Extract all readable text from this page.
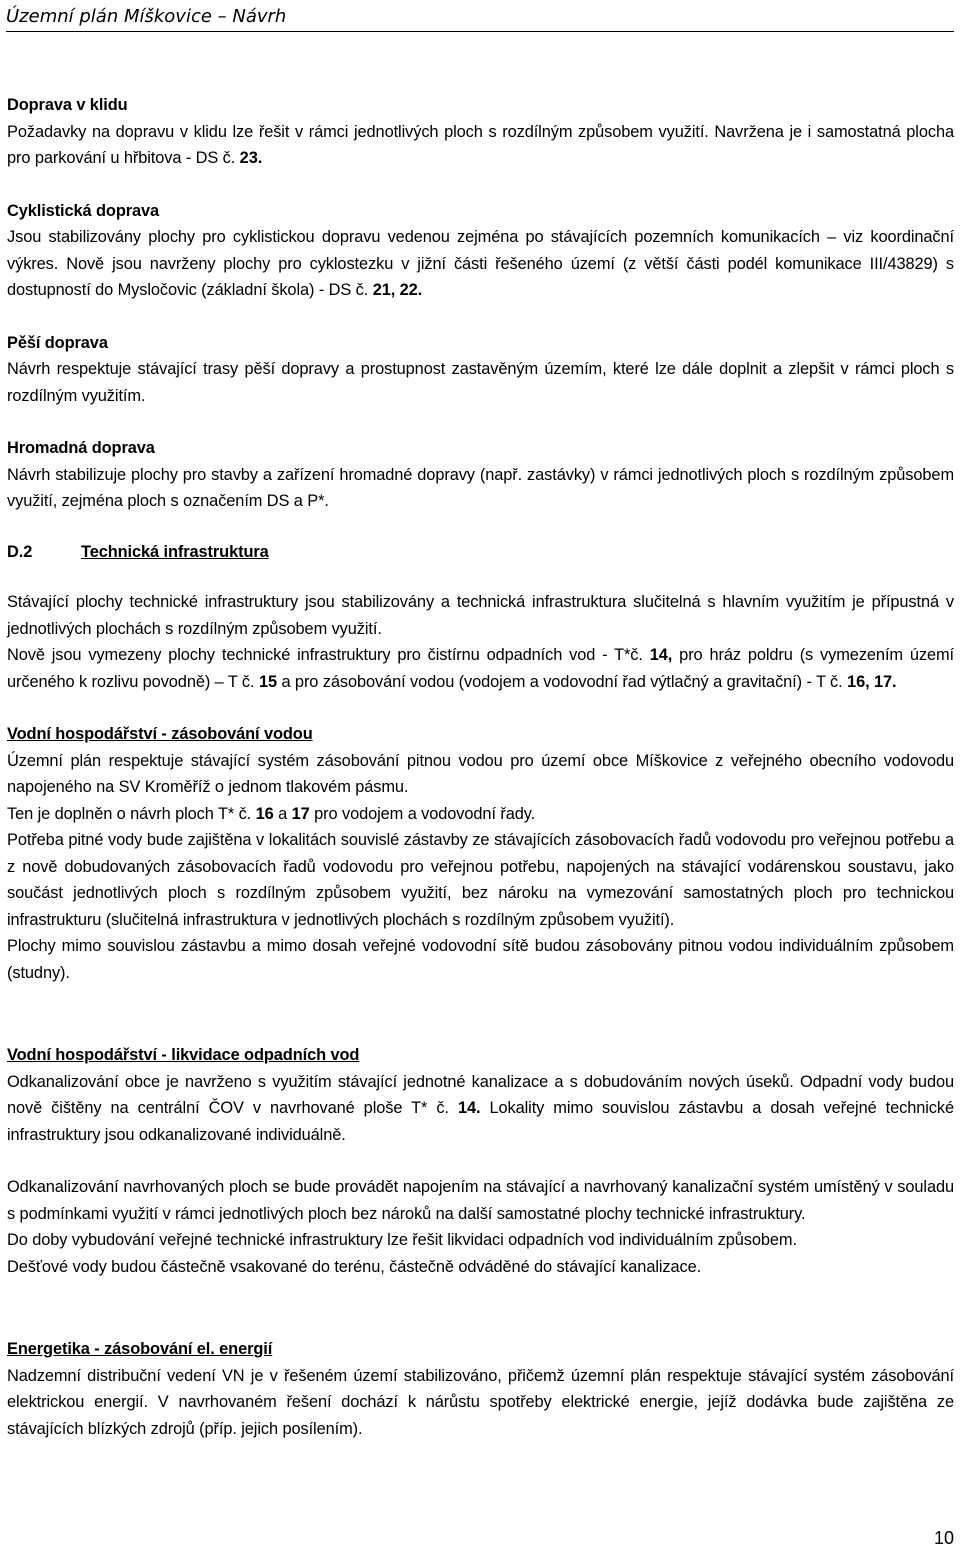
Územní plán Míškovice – Návrh

Doprava v klidu

Požadavky na dopravu v klidu lze řešit v rámci jednotlivých ploch s rozdílným způsobem využití. Navržena je i samostatná plocha pro parkování u hřbitova - DS č. 23.

Cyklistická doprava

Jsou stabilizovány plochy pro cyklistickou dopravu vedenou zejména po stávajících pozemních komunikacích – viz koordinační výkres. Nově jsou navrženy plochy pro cyklostezku v jižní části řešeného území (z větší části podél komunikace III/43829) s dostupností do Mysločovic (základní škola) - DS č. 21, 22.

Pěší doprava

Návrh respektuje stávající trasy pěší dopravy a prostupnost zastavěným územím, které lze dále doplnit a zlepšit v rámci ploch s rozdílným využitím.

Hromadná doprava

Návrh stabilizuje plochy pro stavby a zařízení hromadné dopravy (např. zastávky) v rámci jednotlivých ploch s rozdílným způsobem využití, zejména ploch s označením DS a P*.

D.2	Technická infrastruktura

Stávající plochy technické infrastruktury jsou stabilizovány a technická infrastruktura slučitelná s hlavním využitím je přípustná v jednotlivých plochách s rozdílným způsobem využití.

Nově jsou vymezeny plochy technické infrastruktury pro čistírnu odpadních vod - T*č. 14, pro hráz poldru (s vymezením území určeného k rozlivu povodně) – T č. 15 a pro zásobování vodou (vodojem a vodovodní řad výtlačný a gravitační) - T č. 16, 17.

Vodní hospodářství - zásobování vodou

Územní plán respektuje stávající systém zásobování pitnou vodou pro území obce Míškovice z veřejného obecního vodovodu napojeného na SV Kroměříž o jednom tlakovém pásmu.

Ten je doplněn o návrh ploch T* č. 16 a 17 pro vodojem a vodovodní řady.

Potřeba pitné vody bude zajištěna v lokalitách souvislé zástavby ze stávajících zásobovacích řadů vodovodu pro veřejnou potřebu a z nově dobudovaných zásobovacích řadů vodovodu pro veřejnou potřebu, napojených na stávající vodárenskou soustavu, jako součást jednotlivých ploch s rozdílným způsobem využití, bez nároku na vymezování samostatných ploch pro technickou infrastrukturu (slučitelná infrastruktura v jednotlivých plochách s rozdílným způsobem využití).

Plochy mimo souvislou zástavbu a mimo dosah veřejné vodovodní sítě budou zásobovány pitnou vodou individuálním způsobem (studny).

Vodní hospodářství - likvidace odpadních vod

Odkanalizování obce je navrženo s využitím stávající jednotné kanalizace a s dobudováním nových úseků. Odpadní vody budou nově čištěny na centrální ČOV v navrhované ploše T* č. 14. Lokality mimo souvislou zástavbu a dosah veřejné technické infrastruktury jsou odkanalizované individuálně.

Odkanalizování navrhovaných ploch se bude provádět napojením na stávající a navrhovaný kanalizační systém umístěný v souladu s podmínkami využití v rámci jednotlivých ploch bez nároků na další samostatné plochy technické infrastruktury.

Do doby vybudování veřejné technické infrastruktury lze řešit likvidaci odpadních vod individuálním způsobem.

Dešťové vody budou částečně vsakované do terénu, částečně odváděné do stávající kanalizace.

Energetika - zásobování el. energií

Nadzemní distribuční vedení VN je v řešeném území stabilizováno, přičemž územní plán respektuje stávající systém zásobování elektrickou energií. V navrhovaném řešení dochází k nárůstu spotřeby elektrické energie, jejíž dodávka bude zajištěna ze stávajících blízkých zdrojů (příp. jejich posílením).

10
